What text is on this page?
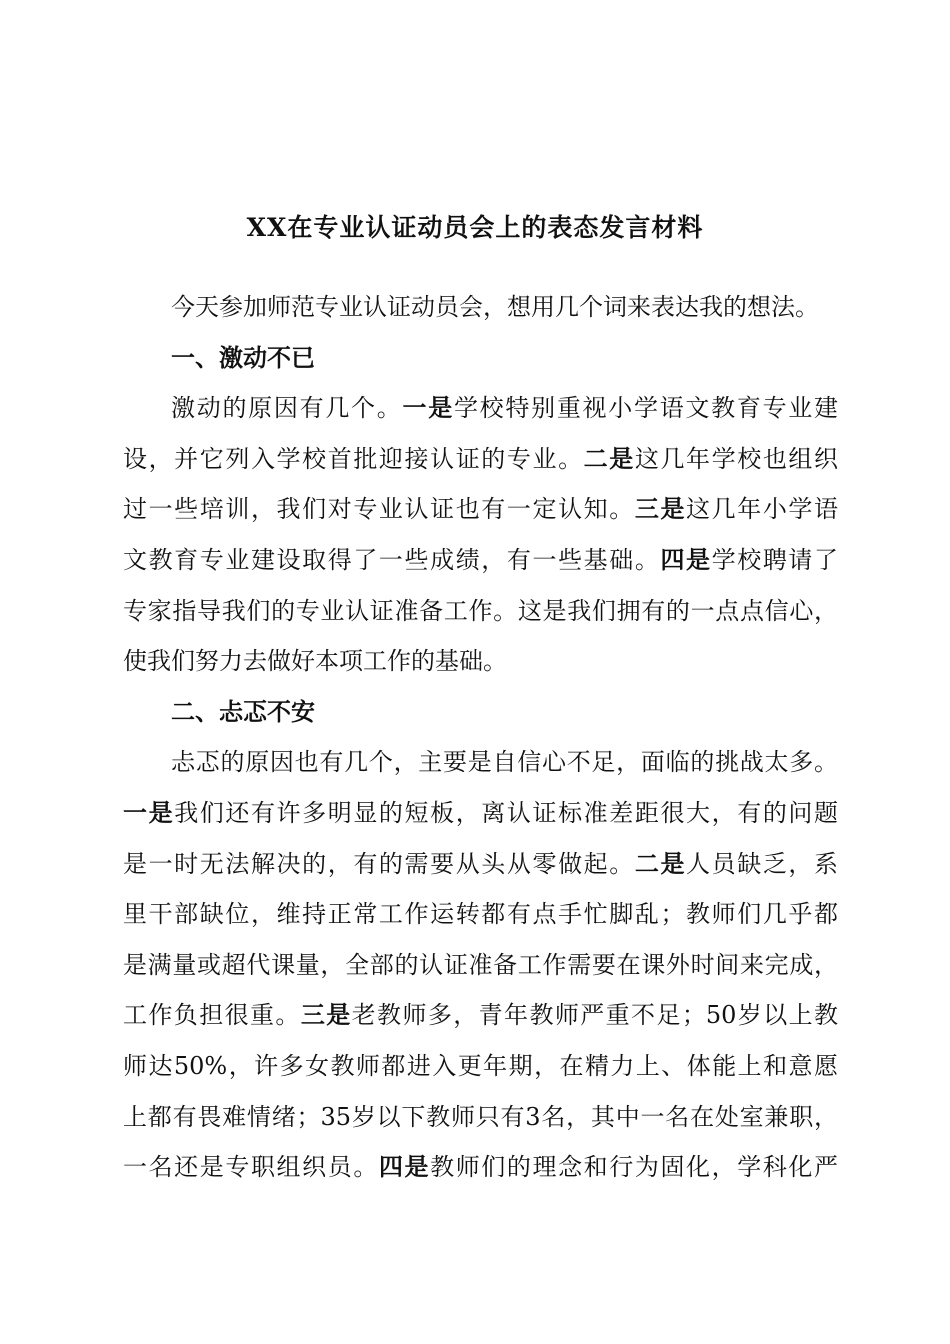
XX在专业认证动员会上的表态发言材料
今天参加师范专业认证动员会，想用几个词来表达我的想法。
一、激动不已
激动的原因有几个。一是学校特别重视小学语文教育专业建
设，并它列入学校首批迎接认证的专业。二是这几年学校也组织
过一些培训，我们对专业认证也有一定认知。三是这几年小学语
文教育专业建设取得了一些成绩，有一些基础。四是学校聘请了
专家指导我们的专业认证准备工作。这是我们拥有的一点点信心，
使我们努力去做好本项工作的基础。
二、忐忑不安
忐忑的原因也有几个，主要是自信心不足，面临的挑战太多。
一是我们还有许多明显的短板，离认证标准差距很大，有的问题
是一时无法解决的，有的需要从头从零做起。二是人员缺乏，系
里干部缺位，维持正常工作运转都有点手忙脚乱；教师们几乎都
是满量或超代课量，全部的认证准备工作需要在课外时间来完成，
工作负担很重。三是老教师多，青年教师严重不足；50岁以上教
师达50%，许多女教师都进入更年期，在精力上、体能上和意愿
上都有畏难情绪；35岁以下教师只有3名，其中一名在处室兼职，
一名还是专职组织员。四是教师们的理念和行为固化，学科化严
